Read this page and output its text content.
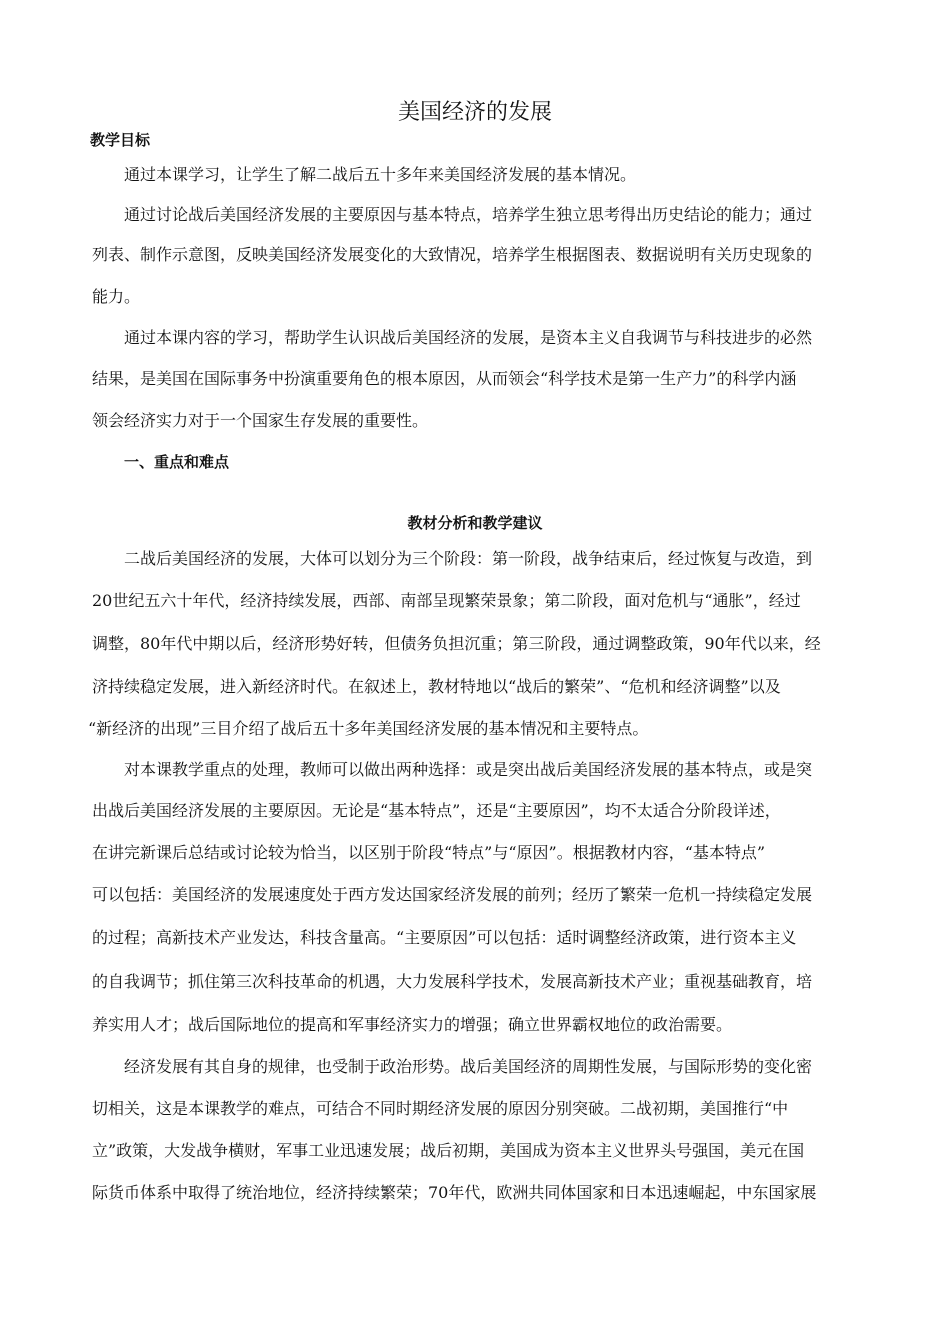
美国经济的发展
教学目标
通过本课学习，让学生了解二战后五十多年来美国经济发展的基本情况。
通过讨论战后美国经济发展的主要原因与基本特点，培养学生独立思考得出历史结论的能力；通过
列表、制作示意图，反映美国经济发展变化的大致情况，培养学生根据图表、数据说明有关历史现象的
能力。
通过本课内容的学习，帮助学生认识战后美国经济的发展，是资本主义自我调节与科技进步的必然
结果，是美国在国际事务中扮演重要角色的根本原因，从而领会“科学技术是第一生产力”的科学内涵
领会经济实力对于一个国家生存发展的重要性。
一、重点和难点
教材分析和教学建议
二战后美国经济的发展，大体可以划分为三个阶段：第一阶段，战争结束后，经过恢复与改造，到
20世纪五六十年代，经济持续发展，西部、南部呈现繁荣景象；第二阶段，面对危机与“通胀”，经过
调整，80年代中期以后，经济形势好转，但债务负担沉重；第三阶段，通过调整政策，90年代以来，经
济持续稳定发展，进入新经济时代。在叙述上，教材特地以“战后的繁荣”、“危机和经济调整”以及
“新经济的出现”三目介绍了战后五十多年美国经济发展的基本情况和主要特点。
对本课教学重点的处理，教师可以做出两种选择：或是突出战后美国经济发展的基本特点，或是突
出战后美国经济发展的主要原因。无论是“基本特点”，还是“主要原因”，均不太适合分阶段详述，
在讲完新课后总结或讨论较为恰当，以区别于阶段“特点”与“原因”。根据教材内容，“基本特点”
可以包括：美国经济的发展速度处于西方发达国家经济发展的前列；经历了繁荣一危机一持续稳定发展
的过程；高新技术产业发达，科技含量高。“主要原因”可以包括：适时调整经济政策，进行资本主义
的自我调节；抓住第三次科技革命的机遇，大力发展科学技术，发展高新技术产业；重视基础教育，培
养实用人才；战后国际地位的提高和军事经济实力的增强；确立世界霸权地位的政治需要。
经济发展有其自身的规律，也受制于政治形势。战后美国经济的周期性发展，与国际形势的变化密
切相关，这是本课教学的难点，可结合不同时期经济发展的原因分别突破。二战初期，美国推行“中
立”政策，大发战争横财，军事工业迅速发展；战后初期，美国成为资本主义世界头号强国，美元在国
际货币体系中取得了统治地位，经济持续繁荣；70年代，欧洲共同体国家和日本迅速崛起，中东国家展
